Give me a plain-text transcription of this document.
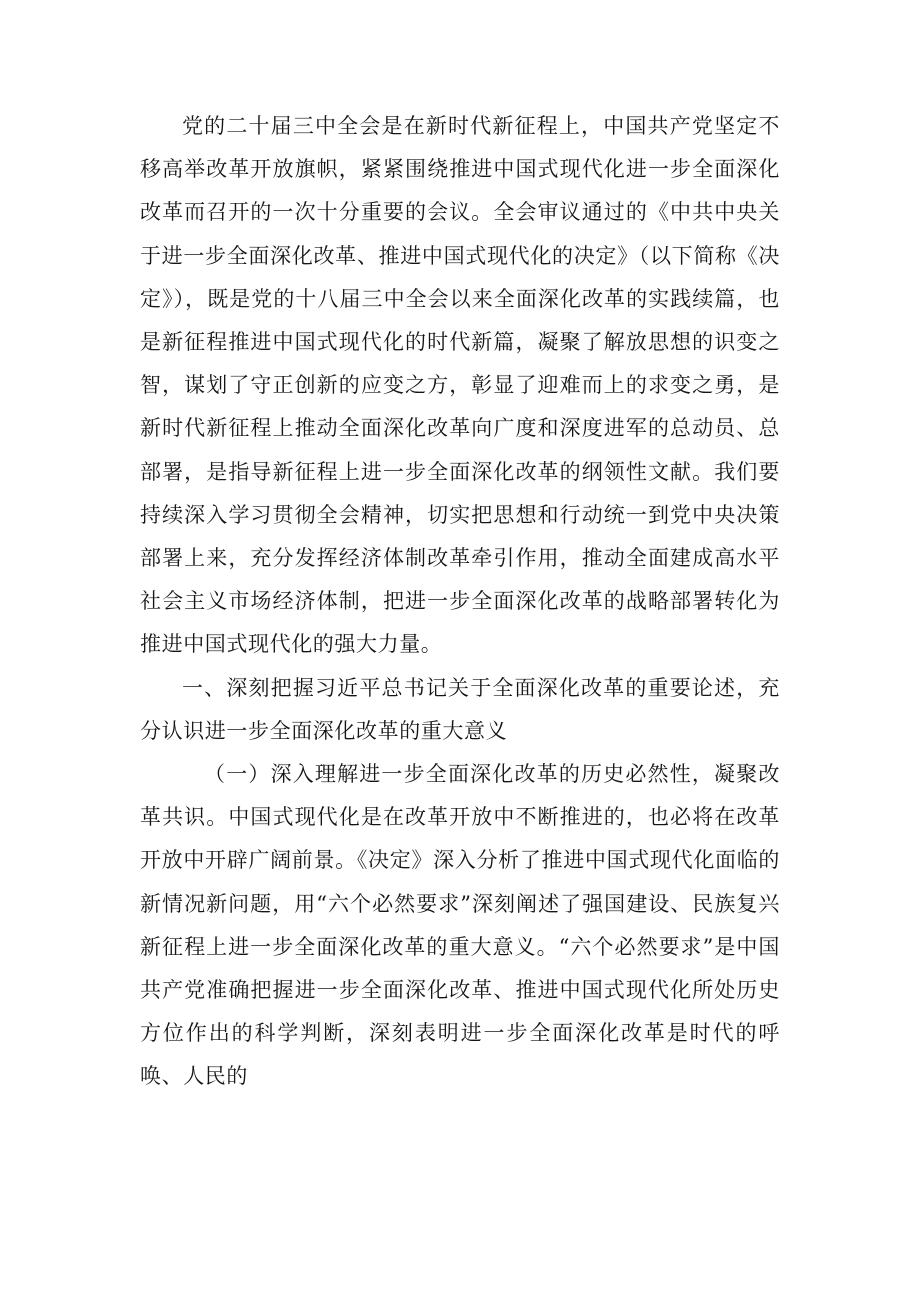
党的二十届三中全会是在新时代新征程上，中国共产党坚定不移高举改革开放旗帜，紧紧围绕推进中国式现代化进一步全面深化改革而召开的一次十分重要的会议。全会审议通过的《中共中央关于进一步全面深化改革、推进中国式现代化的决定》（以下简称《决定》），既是党的十八届三中全会以来全面深化改革的实践续篇，也是新征程推进中国式现代化的时代新篇，凝聚了解放思想的识变之智，谋划了守正创新的应变之方，彰显了迎难而上的求变之勇，是新时代新征程上推动全面深化改革向广度和深度进军的总动员、总部署，是指导新征程上进一步全面深化改革的纲领性文献。我们要持续深入学习贯彻全会精神，切实把思想和行动统一到党中央决策部署上来，充分发挥经济体制改革牵引作用，推动全面建成高水平社会主义市场经济体制，把进一步全面深化改革的战略部署转化为推进中国式现代化的强大力量。

一、深刻把握习近平总书记关于全面深化改革的重要论述，充分认识进一步全面深化改革的重大意义

（一）深入理解进一步全面深化改革的历史必然性，凝聚改革共识。中国式现代化是在改革开放中不断推进的，也必将在改革开放中开辟广阔前景。《决定》深入分析了推进中国式现代化面临的新情况新问题，用“六个必然要求”深刻阐述了强国建设、民族复兴新征程上进一步全面深化改革的重大意义。“六个必然要求”是中国共产党准确把握进一步全面深化改革、推进中国式现代化所处历史方位作出的科学判断，深刻表明进一步全面深化改革是时代的呼唤、人民的
